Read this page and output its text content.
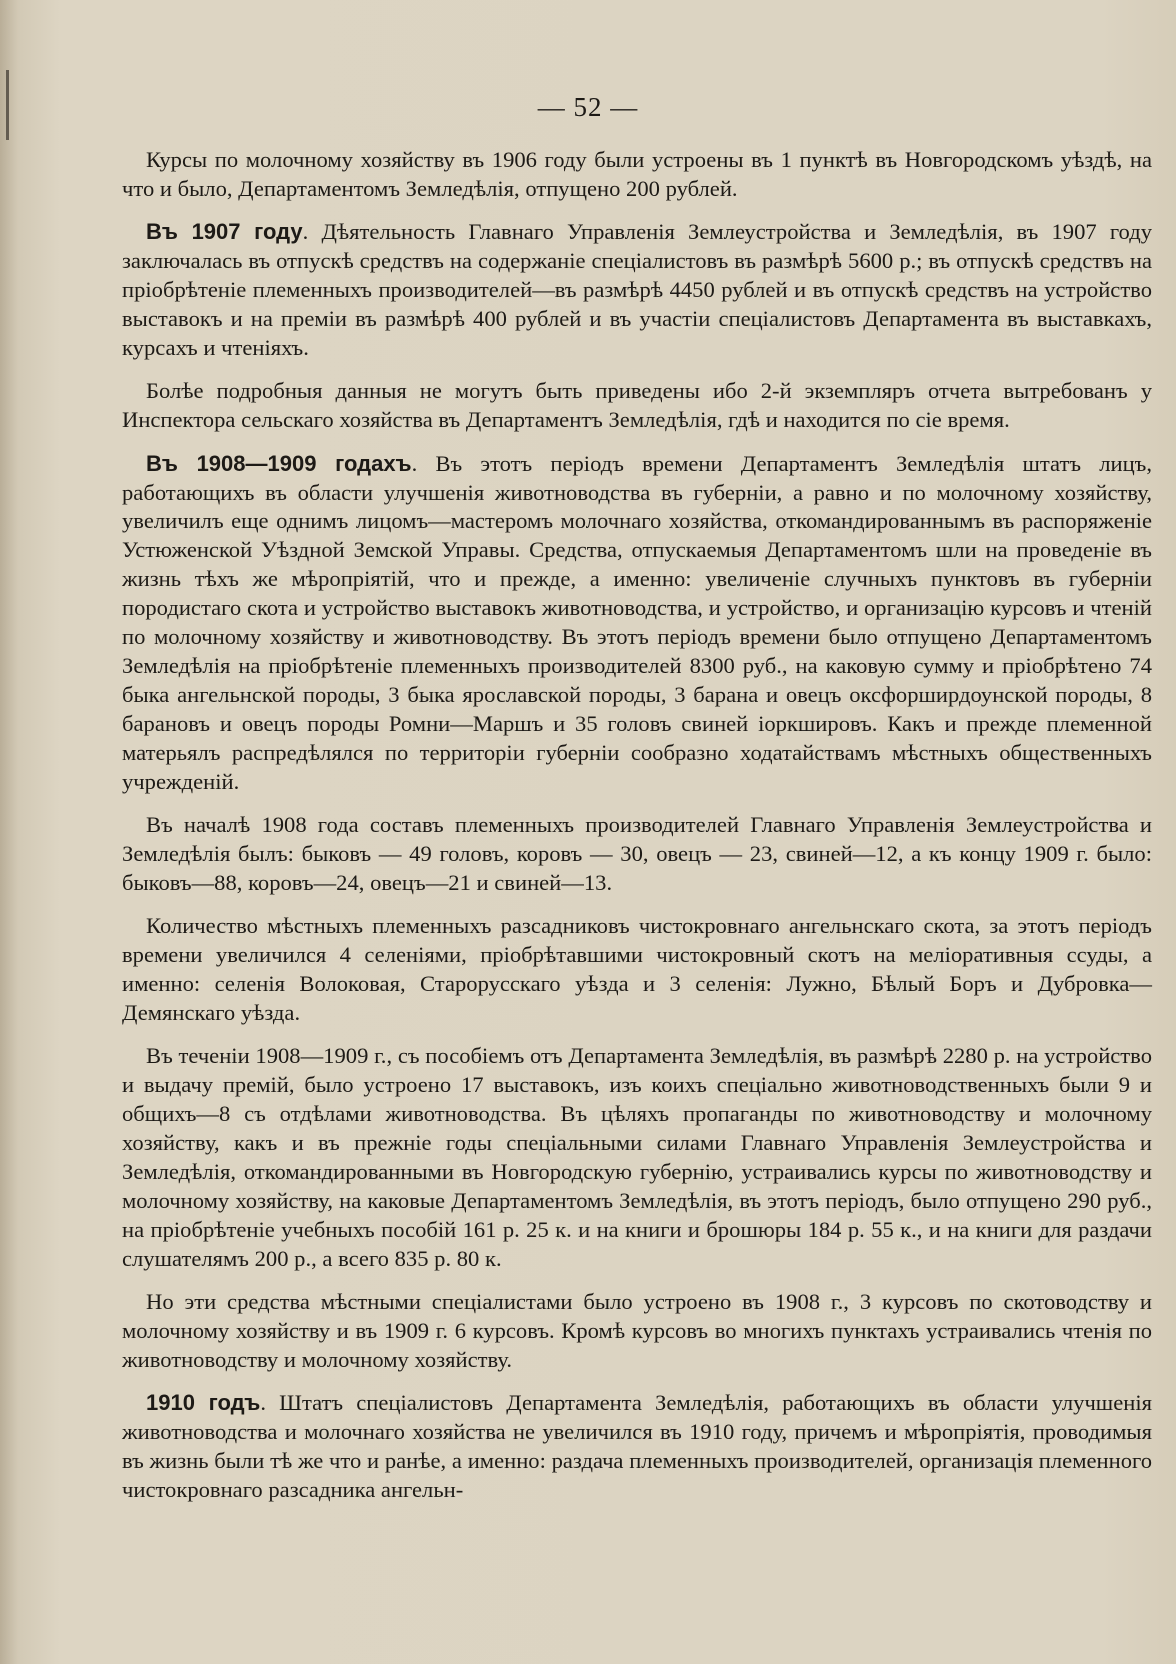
— 52 —

Курсы по молочному хозяйству въ 1906 году были устроены въ 1 пунктѣ въ Новгородскомъ уѣздѣ, на что и было, Департаментомъ Земледѣлія, отпущено 200 рублей.

Въ 1907 году. Дѣятельность Главнаго Управленія Землеустройства и Земледѣлія, въ 1907 году заключалась въ отпускѣ средствъ на содержаніе спеціалистовъ въ размѣрѣ 5600 р.; въ отпускѣ средствъ на пріобрѣтеніе племенныхъ производителей—въ размѣрѣ 4450 рублей и въ отпускѣ средствъ на устройство выставокъ и на преміи въ размѣрѣ 400 рублей и въ участіи спеціалистовъ Департамента въ выставкахъ, курсахъ и чтеніяхъ.

Болѣе подробныя данныя не могутъ быть приведены ибо 2-й экземпляръ отчета вытребованъ у Инспектора сельскаго хозяйства въ Департаментъ Земледѣлія, гдѣ и находится по сіе время.

Въ 1908—1909 годахъ. Въ этотъ періодъ времени Департаментъ Земледѣлія штатъ лицъ, работающихъ въ области улучшенія животноводства въ губерніи, а равно и по молочному хозяйству, увеличилъ еще однимъ лицомъ—мастеромъ молочнаго хозяйства, откомандированнымъ въ распоряженіе Устюженской Уѣздной Земской Управы. Средства, отпускаемыя Департаментомъ шли на проведеніе въ жизнь тѣхъ же мѣропріятій, что и прежде, а именно: увеличеніе случныхъ пунктовъ въ губерніи породистаго скота и устройство выставокъ животноводства, и устройство, и организацію курсовъ и чтеній по молочному хозяйству и животноводству. Въ этотъ періодъ времени было отпущено Департаментомъ Земледѣлія на пріобрѣтеніе племенныхъ производителей 8300 руб., на каковую сумму и пріобрѣтено 74 быка ангельнской породы, 3 быка ярославской породы, 3 барана и овецъ оксфорширдоунской породы, 8 барановъ и овецъ породы Ромни—Маршъ и 35 головъ свиней іоркшировъ. Какъ и прежде племенной матерьялъ распредѣлялся по территоріи губерніи сообразно ходатайствамъ мѣстныхъ общественныхъ учрежденій.

Въ началѣ 1908 года составъ племенныхъ производителей Главнаго Управленія Землеустройства и Земледѣлія былъ: быковъ — 49 головъ, коровъ — 30, овецъ — 23, свиней—12, а къ концу 1909 г. было: быковъ—88, коровъ—24, овецъ—21 и свиней—13.

Количество мѣстныхъ племенныхъ разсадниковъ чистокровнаго ангельнскаго скота, за этотъ періодъ времени увеличился 4 селеніями, пріобрѣтавшими чистокровный скотъ на меліоративныя ссуды, а именно: селенія Волоковая, Старорусскаго уѣзда и 3 селенія: Лужно, Бѣлый Боръ и Дубровка—Демянскаго уѣзда.

Въ теченіи 1908—1909 г., съ пособіемъ отъ Департамента Земледѣлія, въ размѣрѣ 2280 р. на устройство и выдачу премій, было устроено 17 выставокъ, изъ коихъ спеціально животноводственныхъ были 9 и общихъ—8 съ отдѣлами животноводства. Въ цѣляхъ пропаганды по животноводству и молочному хозяйству, какъ и въ прежніе годы спеціальными силами Главнаго Управленія Землеустройства и Земледѣлія, откомандированными въ Новгородскую губернію, устраивались курсы по животноводству и молочному хозяйству, на каковые Департаментомъ Земледѣлія, въ этотъ періодъ, было отпущено 290 руб., на пріобрѣтеніе учебныхъ пособій 161 р. 25 к. и на книги и брошюры 184 р. 55 к., и на книги для раздачи слушателямъ 200 р., а всего 835 р. 80 к.

Но эти средства мѣстными спеціалистами было устроено въ 1908 г., 3 курсовъ по скотоводству и молочному хозяйству и въ 1909 г. 6 курсовъ. Кромѣ курсовъ во многихъ пунктахъ устраивались чтенія по животноводству и молочному хозяйству.

1910 годъ. Штатъ спеціалистовъ Департамента Земледѣлія, работающихъ въ области улучшенія животноводства и молочнаго хозяйства не увеличился въ 1910 году, причемъ и мѣропріятія, проводимыя въ жизнь были тѣ же что и ранѣе, а именно: раздача племенныхъ производителей, организація племенного чистокровнаго разсадника ангельн-
